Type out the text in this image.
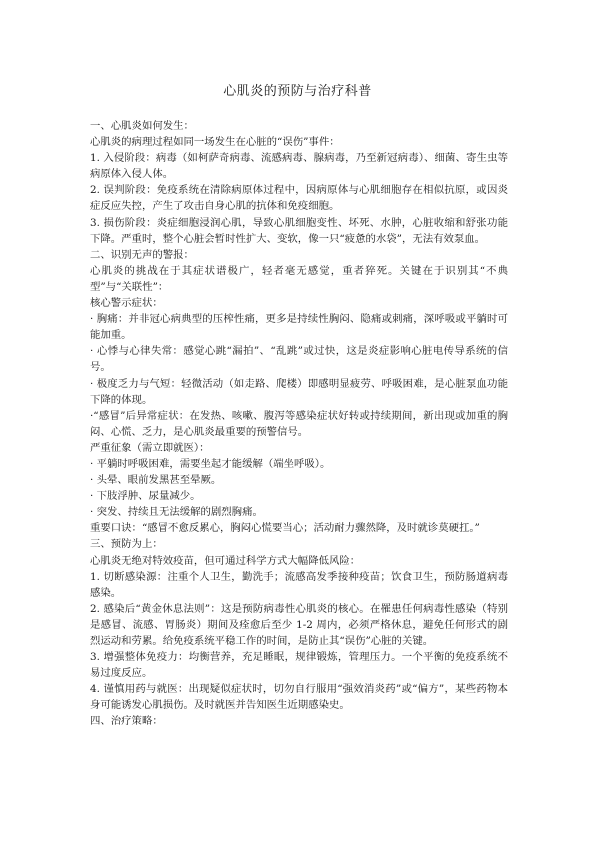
心肌炎的预防与治疗科普

一、心肌炎如何发生：

心肌炎的病理过程如同一场发生在心脏的“误伤”事件：

1. 入侵阶段：病毒（如柯萨奇病毒、流感病毒、腺病毒，乃至新冠病毒）、细菌、寄生虫等病原体入侵人体。

2. 误判阶段：免疫系统在清除病原体过程中，因病原体与心肌细胞存在相似抗原，或因炎症反应失控，产生了攻击自身心肌的抗体和免疫细胞。

3. 损伤阶段：炎症细胞浸润心肌，导致心肌细胞变性、坏死、水肿，心脏收缩和舒张功能下降。严重时，整个心脏会暂时性扩大、变软，像一只“疲惫的水袋”，无法有效泵血。

二、识别无声的警报：

心肌炎的挑战在于其症状谱极广，轻者毫无感觉，重者猝死。关键在于识别其“不典型”与“关联性”：

核心警示症状：

· 胸痛：并非冠心病典型的压榨性痛，更多是持续性胸闷、隐痛或刺痛，深呼吸或平躺时可能加重。

· 心悸与心律失常：感觉心跳“漏拍”、“乱跳”或过快，这是炎症影响心脏电传导系统的信号。

· 极度乏力与气短：轻微活动（如走路、爬楼）即感明显疲劳、呼吸困难，是心脏泵血功能下降的体现。

·“感冒”后异常症状：在发热、咳嗽、腹泻等感染症状好转或持续期间，新出现或加重的胸闷、心慌、乏力，是心肌炎最重要的预警信号。

严重征象（需立即就医）：

· 平躺时呼吸困难，需要坐起才能缓解（端坐呼吸）。

· 头晕、眼前发黑甚至晕厥。

· 下肢浮肿、尿量减少。

· 突发、持续且无法缓解的剧烈胸痛。

重要口诀：“感冒不愈反累心，胸闷心慌要当心；活动耐力骤然降，及时就诊莫硬扛。”

三、预防为上：

心肌炎无绝对特效疫苗，但可通过科学方式大幅降低风险：

1. 切断感染源：注重个人卫生，勤洗手；流感高发季接种疫苗；饮食卫生，预防肠道病毒感染。

2. 感染后“黄金休息法则”：这是预防病毒性心肌炎的核心。在罹患任何病毒性感染（特别是感冒、流感、胃肠炎）期间及痊愈后至少 1-2 周内，必须严格休息，避免任何形式的剧烈运动和劳累。给免疫系统平稳工作的时间，是防止其“误伤”心脏的关键。

3. 增强整体免疫力：均衡营养，充足睡眠，规律锻炼，管理压力。一个平衡的免疫系统不易过度反应。

4. 谨慎用药与就医：出现疑似症状时，切勿自行服用“强效消炎药”或“偏方”，某些药物本身可能诱发心肌损伤。及时就医并告知医生近期感染史。

四、治疗策略：
